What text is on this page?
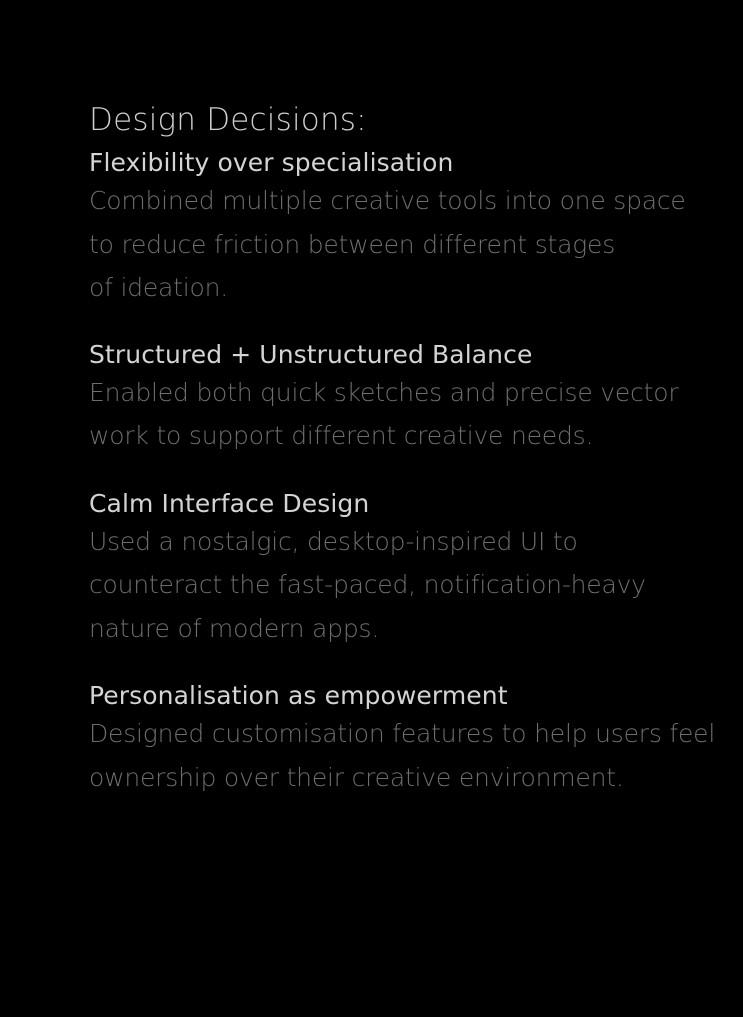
Design Decisions:
Flexibility over specialisation
Combined multiple creative tools into one space
to reduce friction between different stages
of ideation.
Structured + Unstructured Balance
Enabled both quick sketches and precise vector
work to support different creative needs.
Calm Interface Design
Used a nostalgic, desktop-inspired UI to
counteract the fast-paced, notification-heavy
nature of modern apps.
Personalisation as empowerment
Designed customisation features to help users feel
ownership over their creative environment.
